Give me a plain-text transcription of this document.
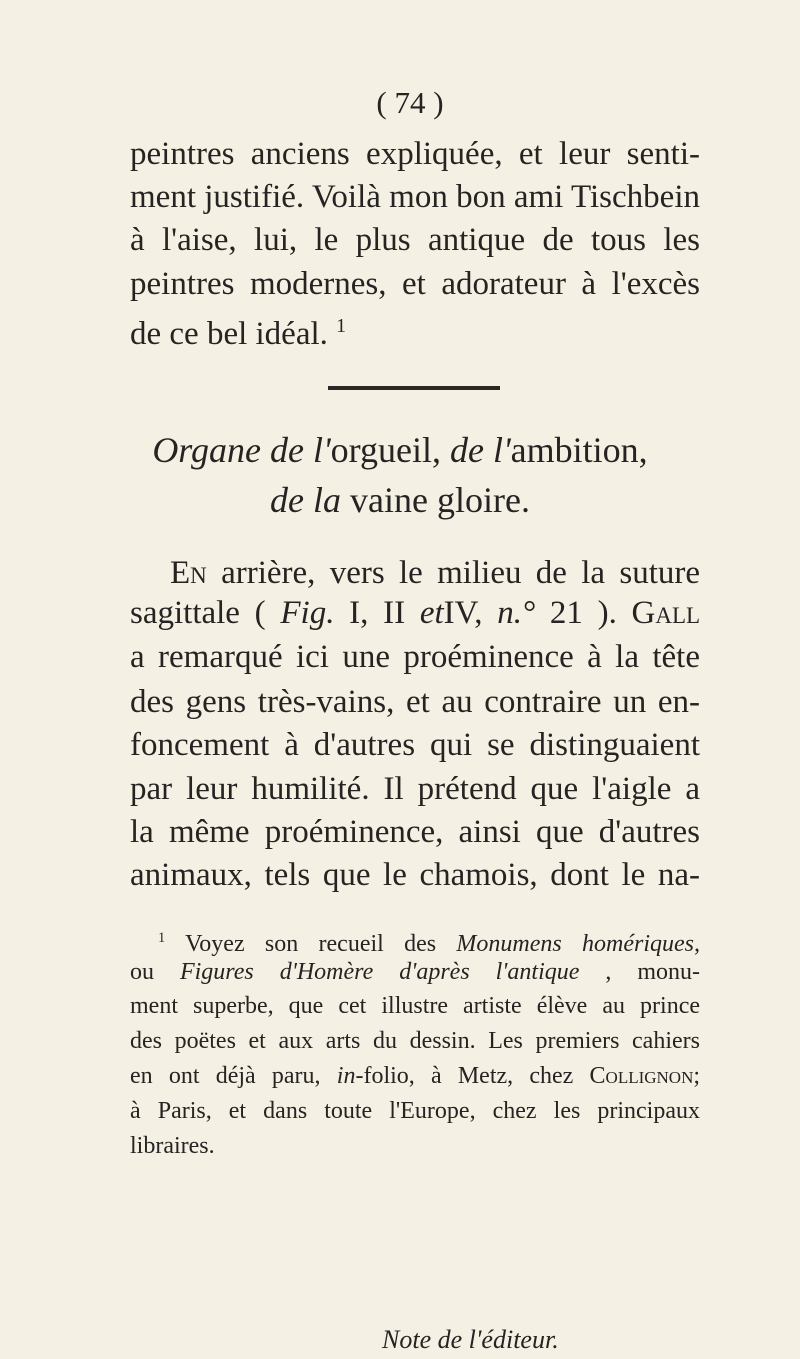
( 74 )
peintres anciens expliquée, et leur senti-
ment justifié. Voilà mon bon ami Tischbein
à l'aise, lui, le plus antique de tous les
peintres modernes, et adorateur à l'excès
de ce bel idéal. $^1$
Organe de l'orgueil, de l'ambition,
de la vaine gloire.
En arrière, vers le milieu de la suture
sagittale ( Fig. I, II etIV, n.° 21 ). Gall
a remarqué ici une proéminence à la tête
des gens très-vains, et au contraire un en-
foncement à d'autres qui se distinguaient
par leur humilité. Il prétend que l'aigle a
la même proéminence, ainsi que d'autres
animaux, tels que le chamois, dont le na-
$^1$ Voyez son recueil des Monumens homériques,
ou Figures d'Homère d'après l'antique , monu-
ment superbe, que cet illustre artiste élève au prince
des poëtes et aux arts du dessin. Les premiers cahiers
en ont déjà paru, in-folio, à Metz, chez Collignon;
à Paris, et dans toute l'Europe, chez les principaux
libraires.
Note de l'éditeur.
